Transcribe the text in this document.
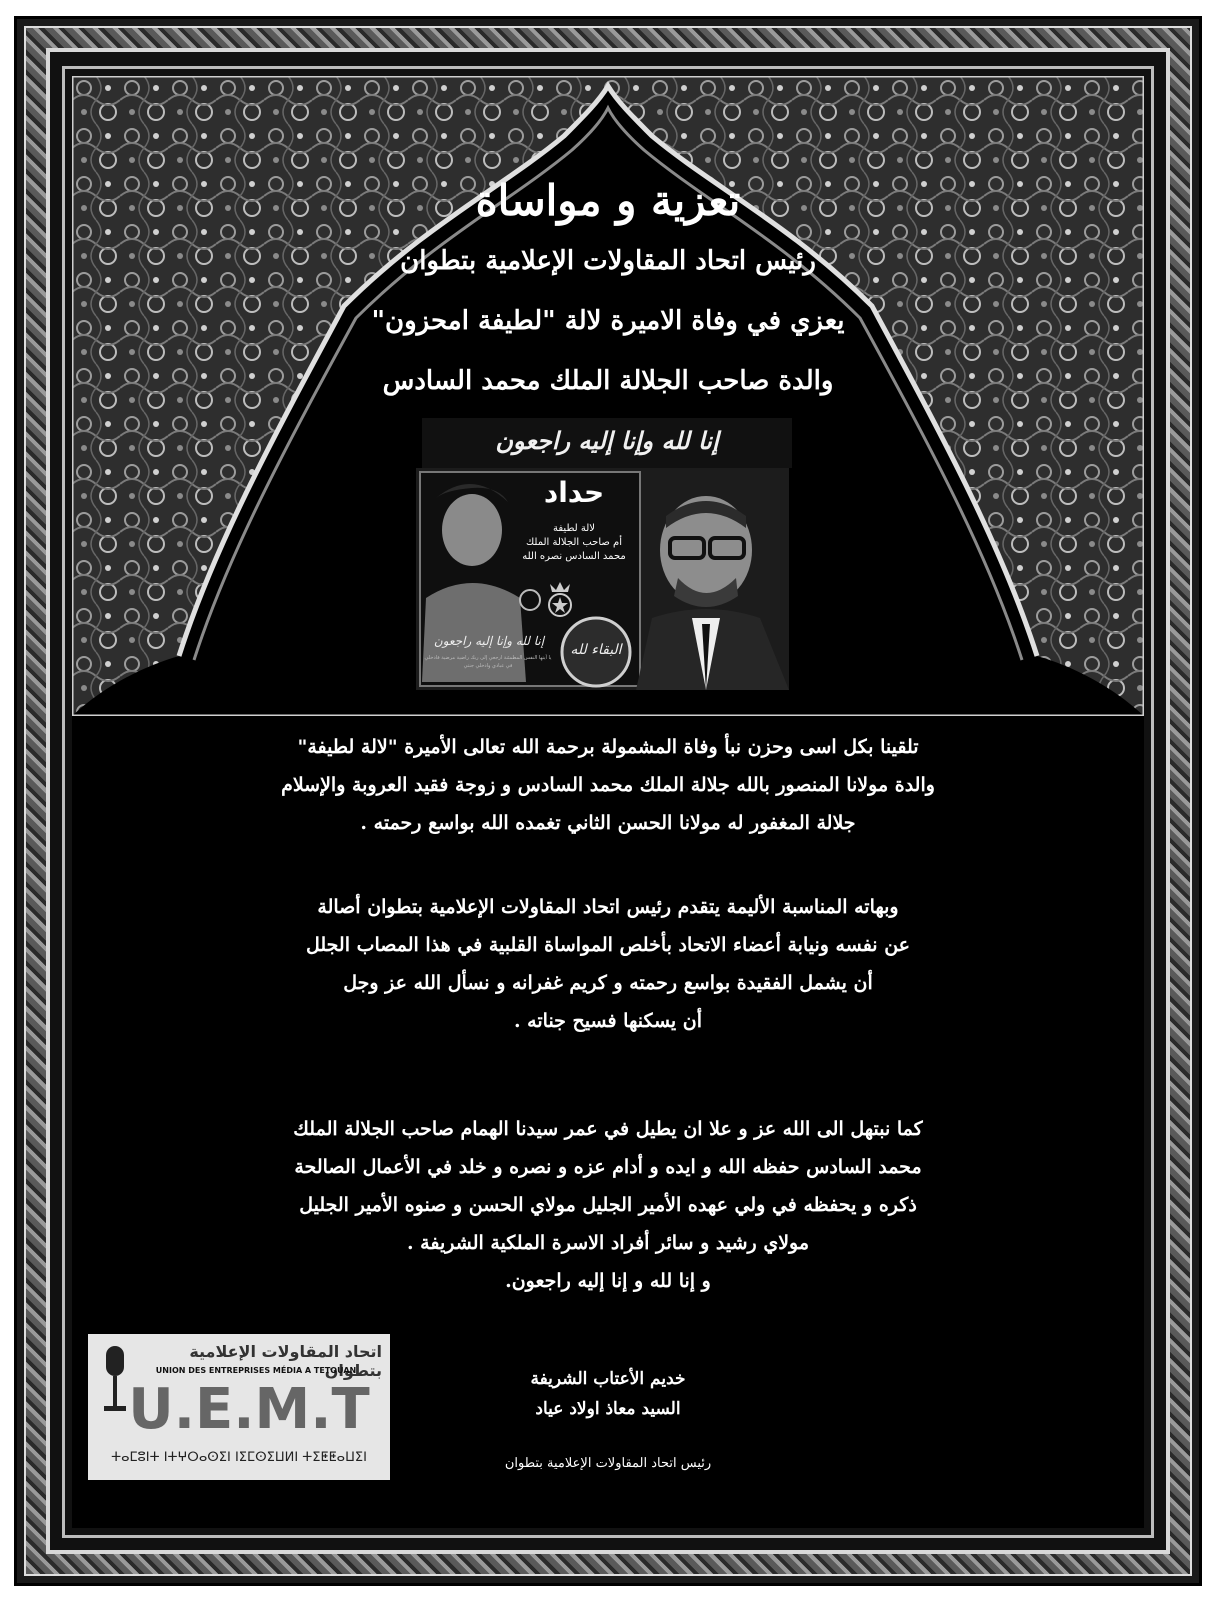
تعزية و مواساة
رئيس اتحاد المقاولات الإعلامية بتطوان
يعزي في وفاة الاميرة لالة "لطيفة امحزون"
والدة صاحب الجلالة الملك محمد السادس
إنا لله وإنا إليه راجعون
حداد
لالة لطيفة
أم صاحب الجلالة الملك
محمد السادس نصره الله
إنا لله وإنا إليه راجعون
يا أيتها النفس المطمئنة ارجعي إلى ربك راضية مرضية فادخلي في عبادي وادخلي جنتي
البقاء لله
تلقينا بكل اسى وحزن نبأ وفاة المشمولة برحمة الله تعالى الأميرة "لالة لطيفة"
والدة مولانا المنصور بالله جلالة الملك محمد السادس و زوجة فقيد العروبة والإسلام
جلالة المغفور له مولانا الحسن الثاني تغمده الله بواسع رحمته .
وبهاته المناسبة الأليمة يتقدم رئيس اتحاد المقاولات الإعلامية بتطوان أصالة
عن نفسه ونيابة أعضاء الاتحاد بأخلص المواساة القلبية في هذا المصاب الجلل
أن يشمل الفقيدة بواسع رحمته و كريم غفرانه و نسأل الله عز وجل
أن يسكنها فسيح جناته .
كما نبتهل الى الله عز و علا ان يطيل في عمر سيدنا الهمام صاحب الجلالة الملك
محمد السادس حفظه الله و ايده و أدام عزه و نصره و خلد في الأعمال الصالحة
ذكره و يحفظه في ولي عهده الأمير الجليل مولاي الحسن و صنوه الأمير الجليل
مولاي رشيد و سائر أفراد الاسرة الملكية الشريفة .
و إنا لله و إنا إليه راجعون.
خديم الأعتاب الشريفة
السيد معاذ اولاد عياد
رئيس اتحاد المقاولات الإعلامية بتطوان
اتحاد المقاولات الإعلامية بتطوان
UNION DES ENTREPRISES MÉDIA A TETOUAN
U.E.M.T
ⵜⴰⵎⵓⵏⵜ ⵏⵜⵖⵔⴰⵙⵉⵏ ⵏⵉⵎⵙⵉⵡⵍⵏ ⵜⵉⵟⵟⴰⵡⵉⵏ
